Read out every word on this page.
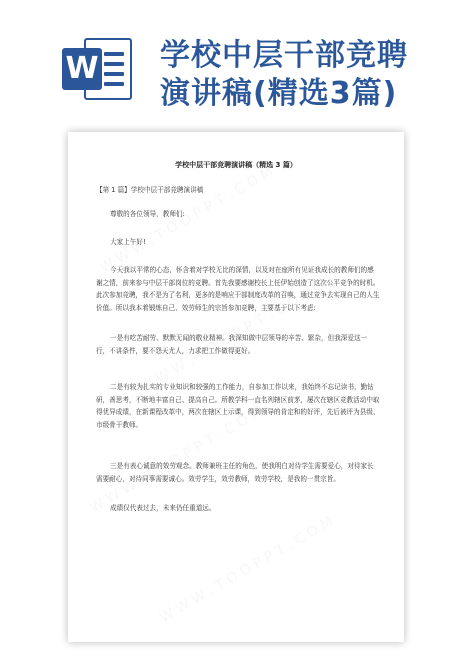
W 学校中层干部竞聘
演讲稿(精选3篇)
学校中层干部竞聘演讲稿（精选 3 篇）
【第 1 篇】学校中层干部竞聘演讲稿
尊敬的各位领导，教师们:
大家上午好!
今天我以平常的心态，怀含着对学校无比的深情，以及对在座所有见证我成长的教师们的感谢之情，前来参与中层干部岗位的竞聘。首先我要感谢校长上任伊始创造了这次公平竞争的时机。此次参加竞聘，我不是为了名利，更多的是响应干部制度改革的召唤，通过竞争去实现自己的人生价值。所以我本着锻炼自己、效劳师生的宗旨参加竞聘，主要基于以下考虑:
一是有吃苦耐劳、默默无闻的敬业精神。我深知做中层领导的辛苦、繁杂，但我深爱这一行，不讲条件，要不怨天尤人，力求把工作做得更好。
二是有较为扎实的专业知识和较强的工作能力，自参加工作以来，我始终不忘记读书，勤钻研，善思考，不断地丰富自己、提高自己。所教学科一直名列辖区前茅，屡次在辖区竞教活动中取得优异成绩，在新课程改革中，两次在辖区上示课，得到领导的肯定和的好评，先后被评为县级、市级骨干教师。
三是有表心诚意的效劳观念。教师兼班主任的角色，使我明白对待学生需要爱心，对待家长需要耐心，对待同事需要诚心。效劳学生，效劳教师，效劳学校，是我的一贯宗旨。
成绩仅代表过去，未来仍任重道远。
